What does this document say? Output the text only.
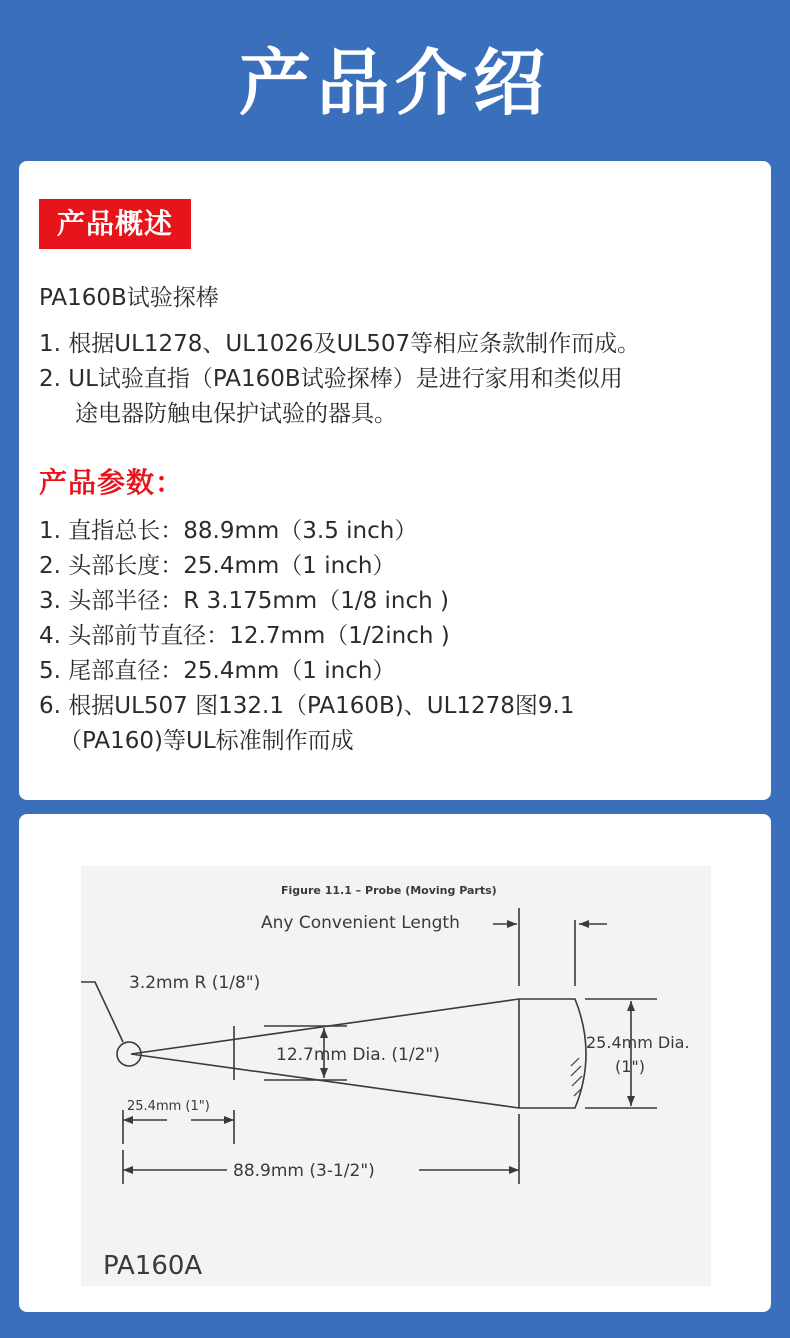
产品介绍
产品概述
PA160B试验探棒
1. 根据UL1278、UL1026及UL507等相应条款制作而成。
2. UL试验直指（PA160B试验探棒）是进行家用和类似用
途电器防触电保护试验的器具。
产品参数：
1. 直指总长：88.9mm（3.5 inch）
2. 头部长度：25.4mm（1 inch）
3. 头部半径：R 3.175mm（1/8 inch )
4. 头部前节直径：12.7mm（1/2inch )
5. 尾部直径：25.4mm（1 inch）
6. 根据UL507 图132.1（PA160B)、UL1278图9.1
（PA160)等UL标准制作而成
Figure 11.1 – Probe (Moving Parts)
Any Convenient Length
3.2mm R (1/8")
12.7mm Dia. (1/2")
25.4mm Dia.
(1")
25.4mm (1")
88.9mm (3-1/2")
PA160A
